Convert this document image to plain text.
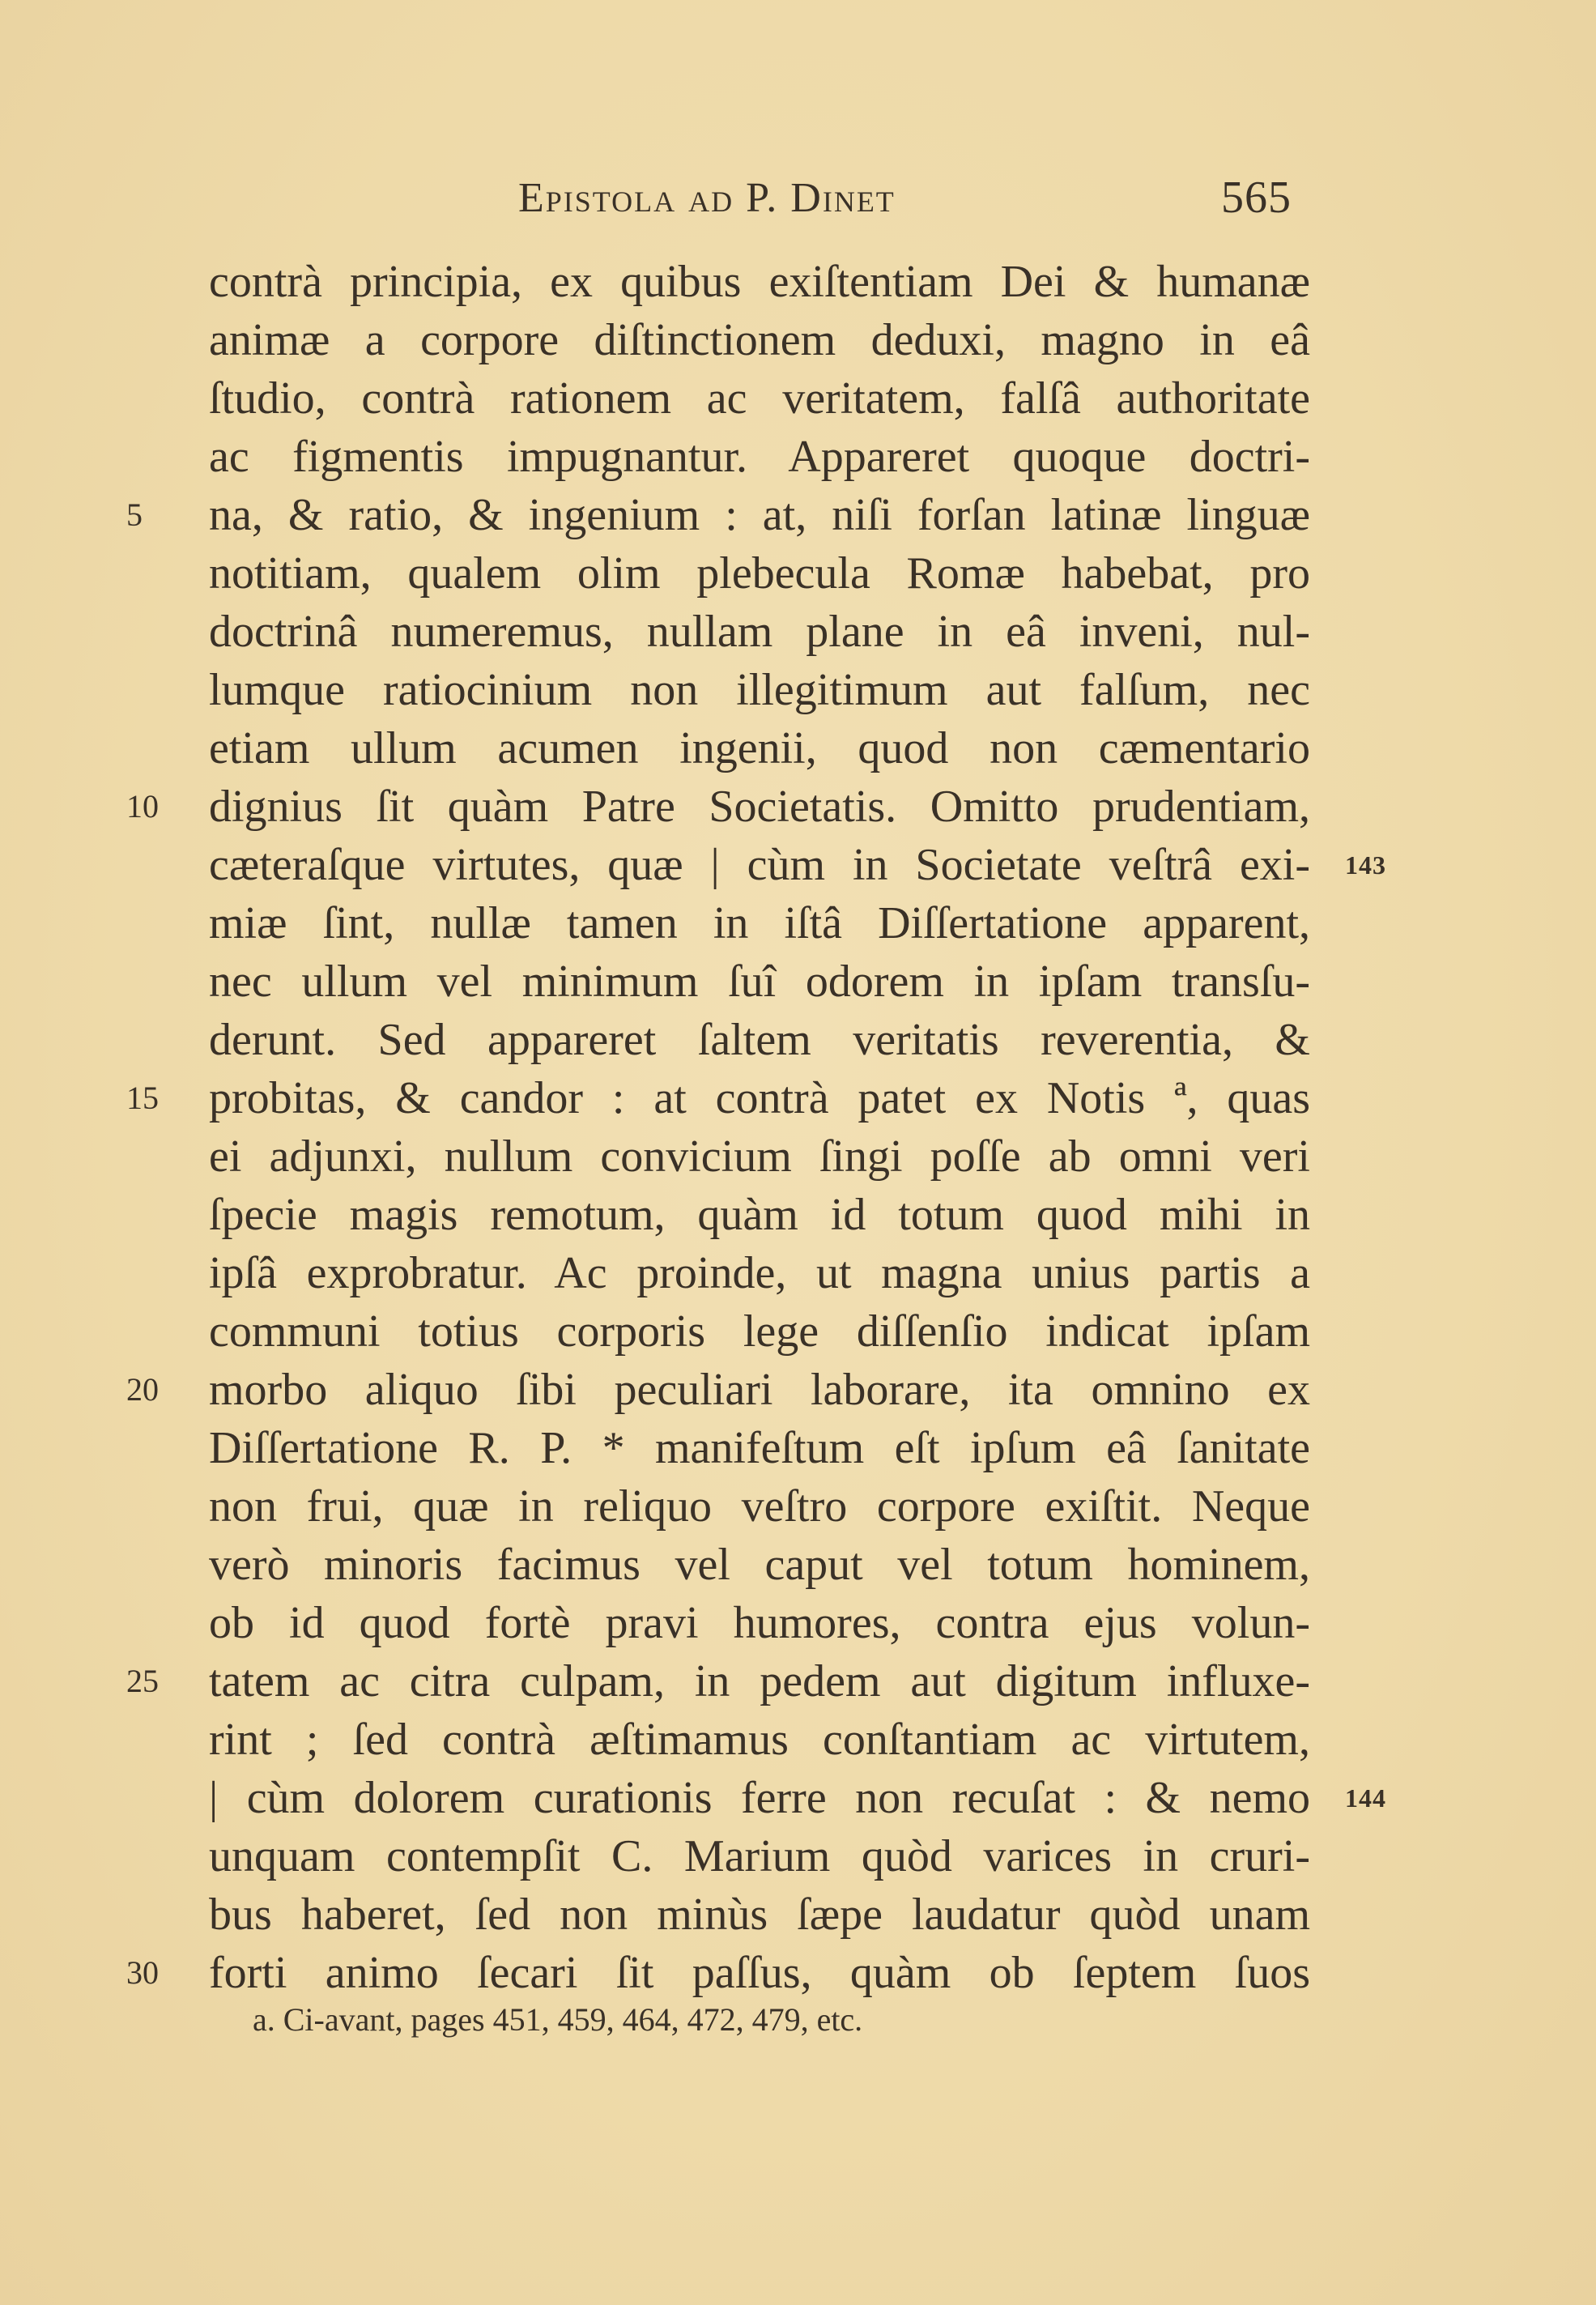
Epistola ad P. Dinet	565
contrà principia, ex quibus exiſtentiam Dei & humanæ
animæ a corpore diſtinctionem deduxi, magno in eâ
ſtudio, contrà rationem ac veritatem, falſâ authoritate
ac figmentis impugnantur. Appareret quoque doctri-
na, & ratio, & ingenium : at, niſi forſan latinæ linguæ
5
notitiam, qualem olim plebecula Romæ habebat, pro
doctrinâ numeremus, nullam plane in eâ inveni, nul-
lumque ratiocinium non illegitimum aut falſum, nec
etiam ullum acumen ingenii, quod non cæmentario
dignius ſit quàm Patre Societatis. Omitto prudentiam,
10
cæteraſque virtutes, quæ | cùm in Societate veſtrâ exi- 143
miæ ſint, nullæ tamen in iſtâ Diſſertatione apparent,
nec ullum vel minimum ſuî odorem in ipſam transſu-
derunt. Sed appareret ſaltem veritatis reverentia, &
probitas, & candor : at contrà patet ex Notis ª, quas
15
ei adjunxi, nullum convicium ſingi poſſe ab omni veri
ſpecie magis remotum, quàm id totum quod mihi in
ipſâ exprobratur. Ac proinde, ut magna unius partis a
communi totius corporis lege diſſenſio indicat ipſam
morbo aliquo ſibi peculiari laborare, ita omnino ex
20
Diſſertatione R. P. * manifeſtum eſt ipſum eâ ſanitate
non frui, quæ in reliquo veſtro corpore exiſtit. Neque
verò minoris facimus vel caput vel totum hominem,
ob id quod fortè pravi humores, contra ejus volun-
tatem ac citra culpam, in pedem aut digitum influxe-
25
rint ; ſed contrà æſtimamus conſtantiam ac virtutem,
| cùm dolorem curationis ferre non recuſat : & nemo 144
unquam contempſit C. Marium quòd varices in cruri-
bus haberet, ſed non minùs ſæpe laudatur quòd unam
forti animo ſecari ſit paſſus, quàm ob ſeptem ſuos
30
a. Ci-avant, pages 451, 459, 464, 472, 479, etc.
